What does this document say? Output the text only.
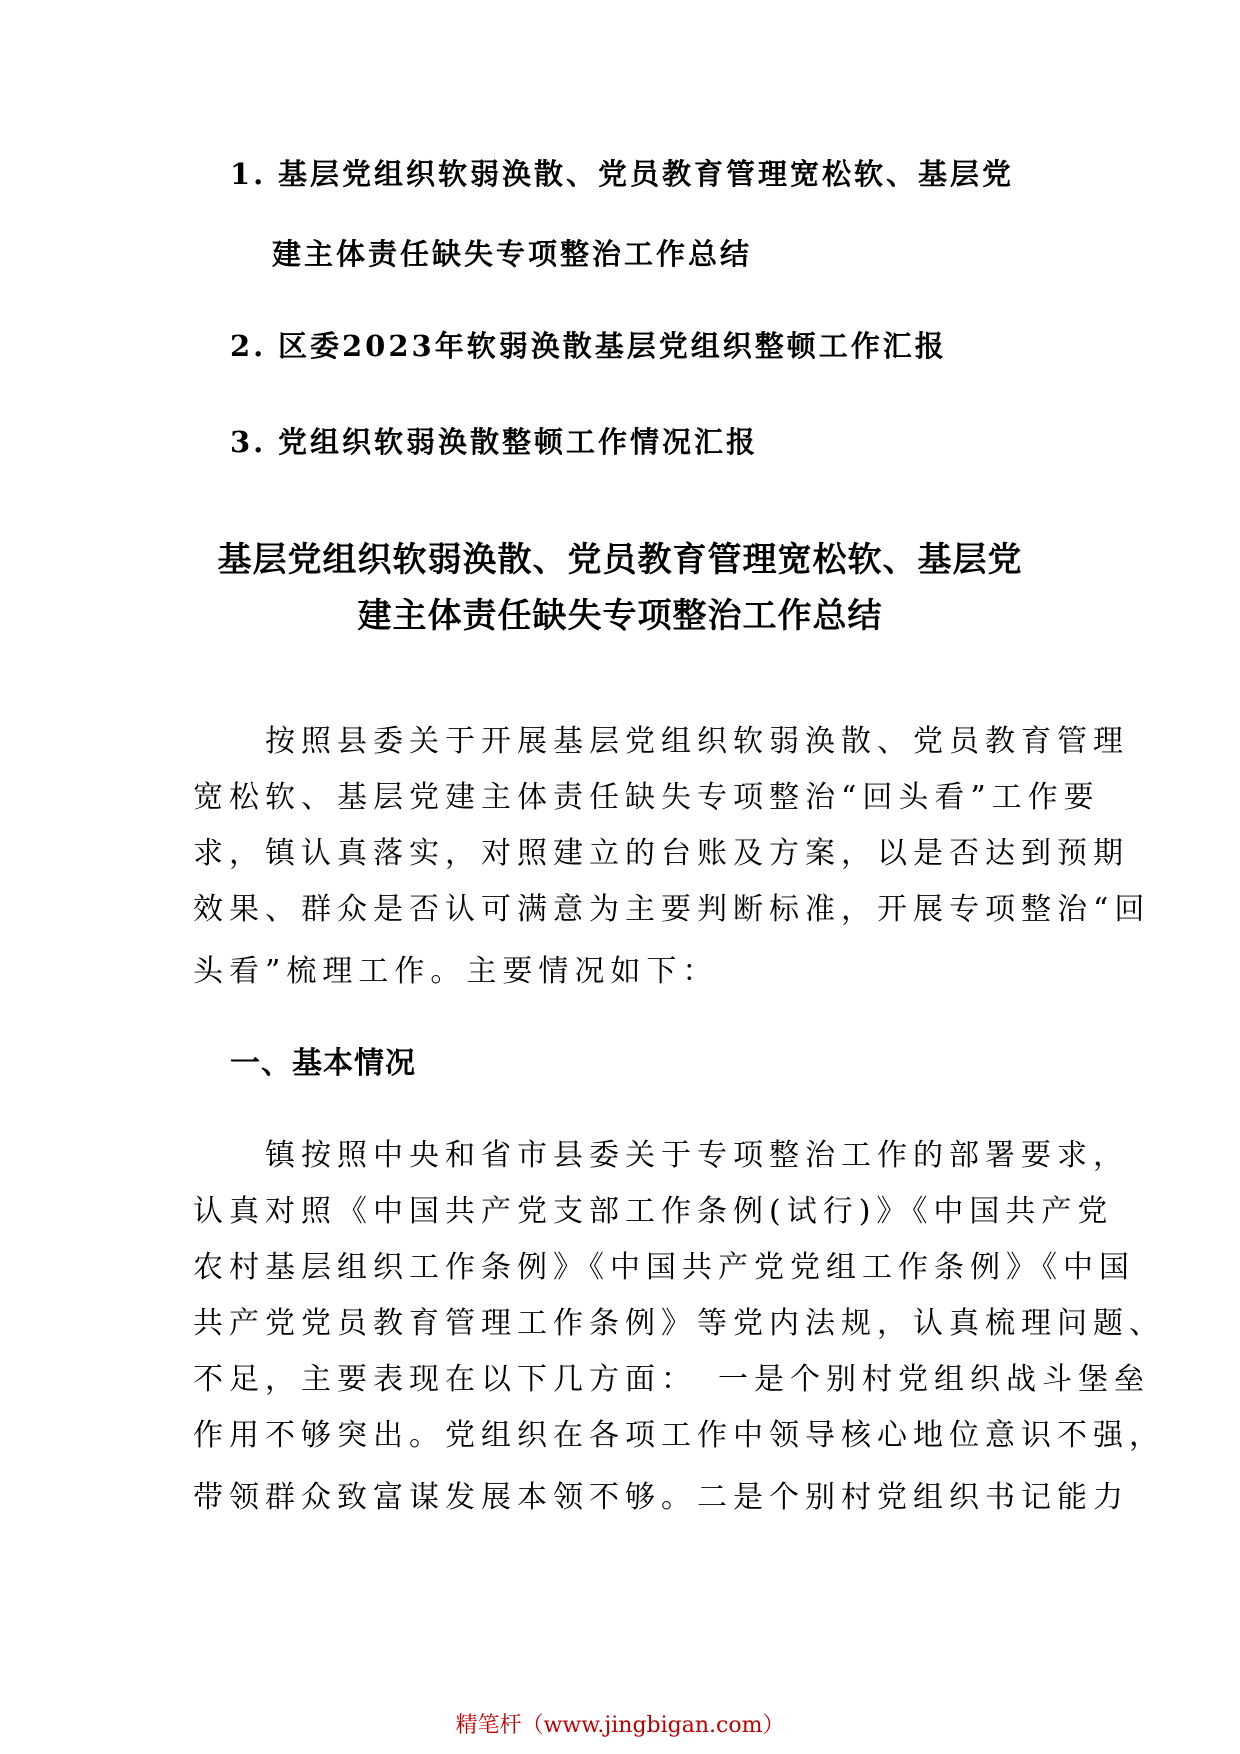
1. 基层党组织软弱涣散、党员教育管理宽松软、基层党
建主体责任缺失专项整治工作总结
2. 区委2023年软弱涣散基层党组织整顿工作汇报
3. 党组织软弱涣散整顿工作情况汇报
基层党组织软弱涣散、党员教育管理宽松软、基层党
建主体责任缺失专项整治工作总结
　　按照县委关于开展基层党组织软弱涣散、党员教育管理
宽松软、基层党建主体责任缺失专项整治“回头看”工作要
求，镇认真落实，对照建立的台账及方案，以是否达到预期
效果、群众是否认可满意为主要判断标准，开展专项整治“回
头看”梳理工作。主要情况如下：
一、基本情况
　　镇按照中央和省市县委关于专项整治工作的部署要求，
认真对照《中国共产党支部工作条例(试行)》《中国共产党
农村基层组织工作条例》《中国共产党党组工作条例》《中国
共产党党员教育管理工作条例》等党内法规，认真梳理问题、
不足，主要表现在以下几方面：　一是个别村党组织战斗堡垒
作用不够突出。党组织在各项工作中领导核心地位意识不强，
带领群众致富谋发展本领不够。二是个别村党组织书记能力
精笔杆（www.jingbigan.com）
